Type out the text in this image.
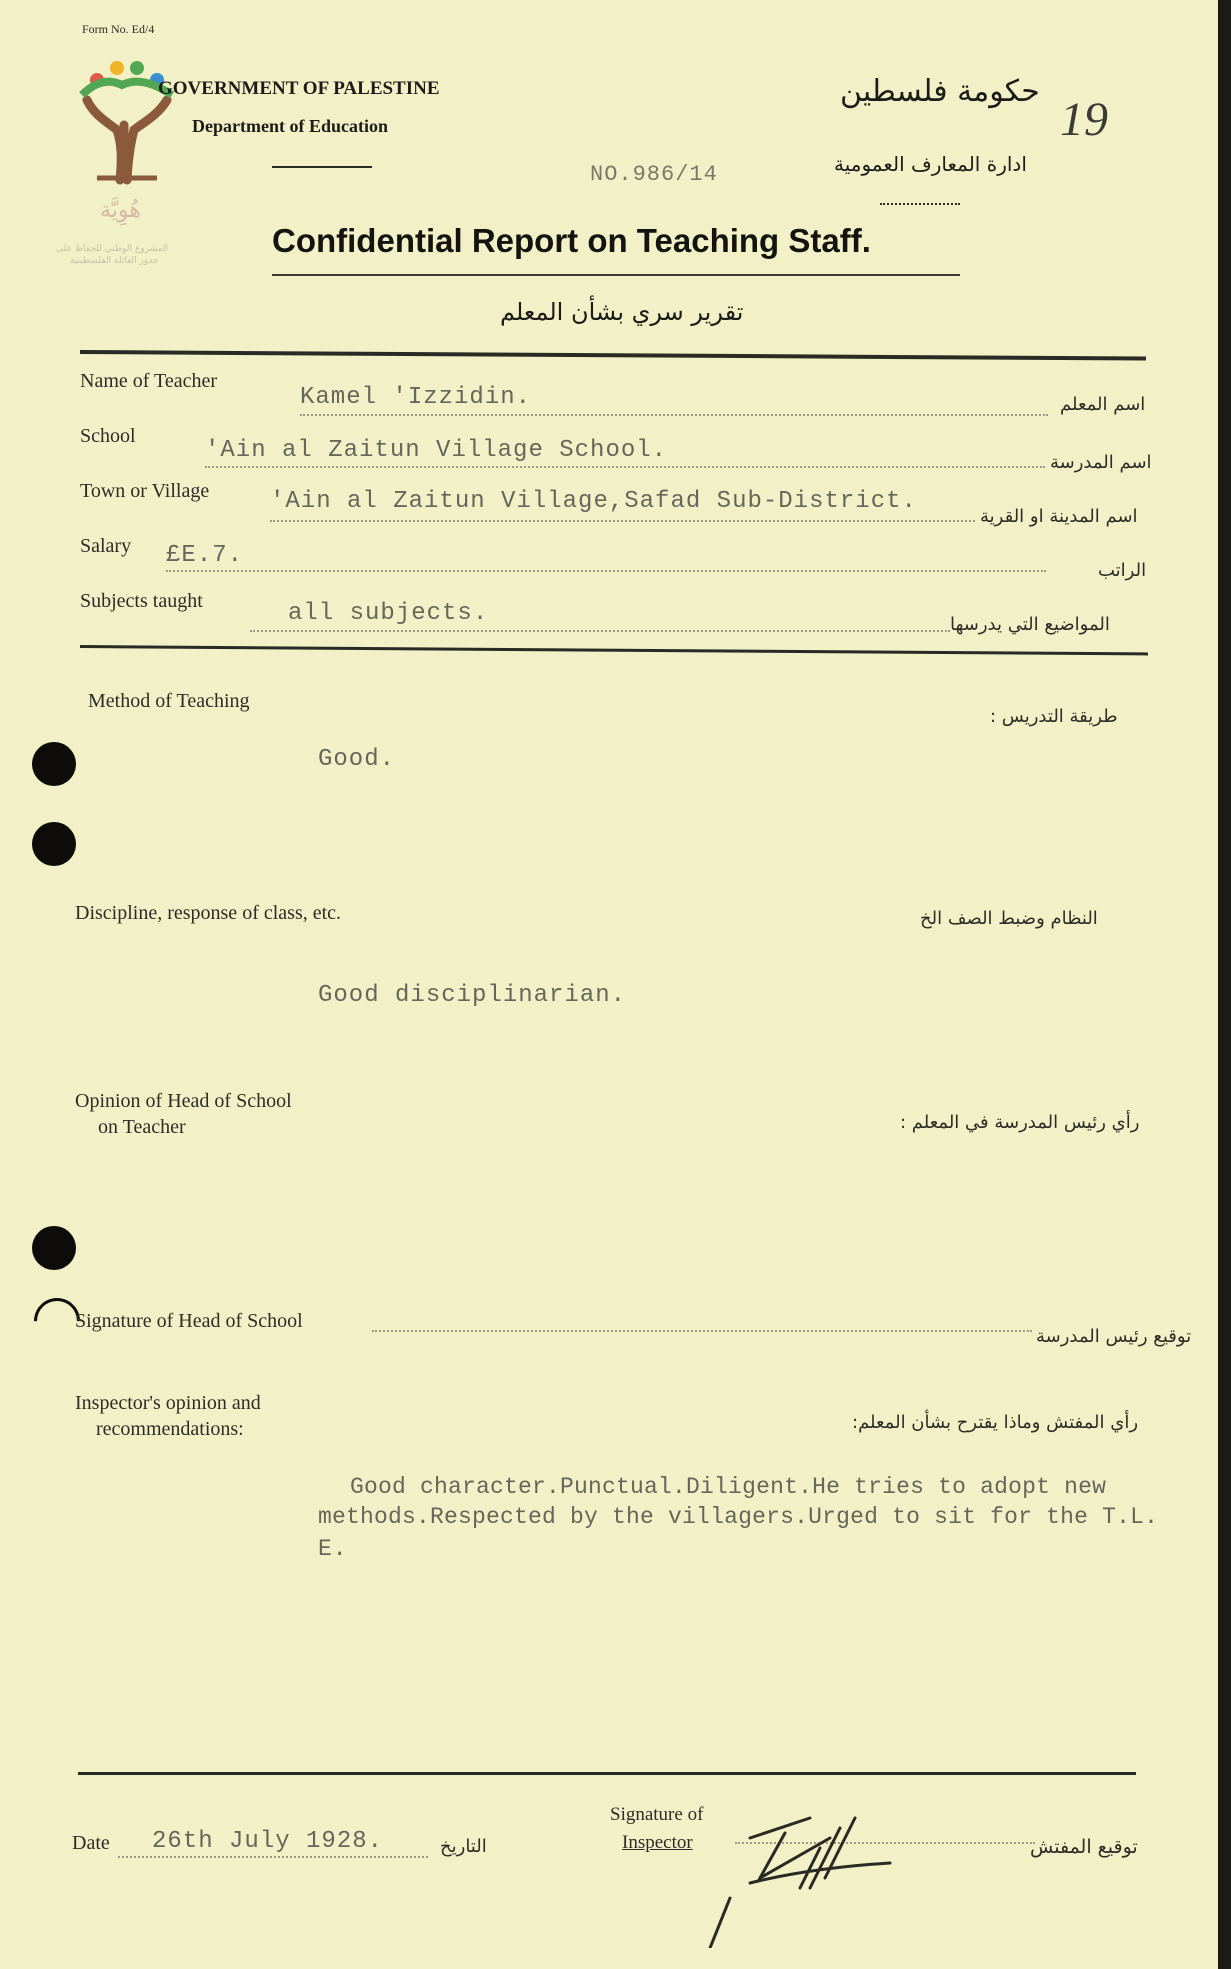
Form No. Ed/4
هُوِيَّة
المشروع الوطني للحفاظ على
جذور العائلة الفلسطينية
GOVERNMENT OF PALESTINE
Department of Education
حكومة فلسطين
ادارة المعارف العمومية
19
NO.986/14
Confidential Report on Teaching Staff.
تقرير سري بشأن المعلم
Name of Teacher
Kamel 'Izzidin.	اسم المعلم
School
'Ain al Zaitun Village School.	اسم المدرسة
Town or Village	'Ain al Zaitun Village,Safad Sub-District.
اسم المدينة او القرية
Salary £E.7.
الراتب
Subjects taught	all subjects.	المواضيع التي يدرسها
Method of Teaching
طريقة التدريس :
Good.
Discipline, response of class, etc.	النظام وضبط الصف الخ
Good disciplinarian.
Opinion of Head of School
on Teacher	رأي رئيس المدرسة في المعلم :
Signature of Head of School
توقيع رئيس المدرسة
Inspector's opinion and
recommendations:	رأي المفتش وماذا يقترح بشأن المعلم:
Good character.Punctual.Diligent.He tries to adopt new
methods.Respected by the villagers.Urged to sit for the T.L.
E.
Date 26th July 1928.	التاريخ
Signature of
Inspector	توقيع المفتش
